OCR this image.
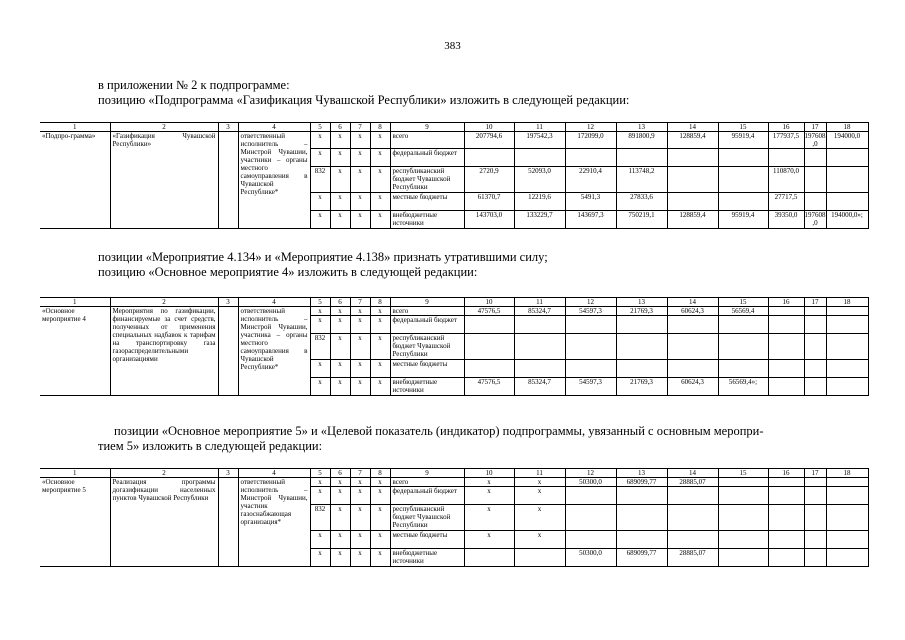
383
в приложении № 2 к подпрограмме:
позицию «Подпрограмма «Газификация Чувашской Республики» изложить в следующей редакции:
позиции «Мероприятие 4.134» и «Мероприятие 4.138» признать утратившими силу;
позицию «Основное мероприятие 4» изложить в следующей редакции:
позиции «Основное мероприятие 5» и «Целевой показатель (индикатор) подпрограммы, увязанный с основным меропри-
тием 5» изложить в следующей редакции:
1	2	3	4	5	6	7	8	9	10	11	12	13	14	15	16	17	18
«Подпро-грамма»	«Газификация Чувашской Республики»		ответственный исполнитель – Минстрой Чувашии, участники – органы местного самоуправления в Чувашской Республике*	x	x	x	x	всего	207794,6	197542,3	172099,0	891800,9	128859,4	95919,4	177937,5	197608,0	194000,0
				x	x	x	x	федеральный бюджет									
				832	x	x	x	республиканский бюджет Чувашской Республики	2720,9	52093,0	22910,4	113748,2			110870,0		
				x	x	x	x	местные бюджеты	61370,7	12219,6	5491,3	27833,6			27717,5		
				x	x	x	x	внебюджетные источники	143703,0	133229,7	143697,3	750219,1	128859,4	95919,4	39350,0	197608,0	194000,0»;
1	2	3	4	5	6	7	8	9	10	11	12	13	14	15	16	17	18
«Основное мероприятие 4	Мероприятия по газификации, финансируемые за счет средств, полученных от применения специальных надбавок к тарифам на транспортировку газа газораспределительными организациями		ответственный исполнитель – Минстрой Чувашии, участника – органы местного самоуправления в Чувашской Республике*	x	x	x	x	всего	47576,5	85324,7	54597,3	21769,3	60624,3	56569,4			
				x	x	x	x	федеральный бюджет									
				832	x	x	x	республиканский бюджет Чувашской Республики									
				x	x	x	x	местные бюджеты									
				x	x	x	x	внебюджетные источники	47576,5	85324,7	54597,3	21769,3	60624,3	56569,4»;			
1	2	3	4	5	6	7	8	9	10	11	12	13	14	15	16	17	18
«Основное мероприятие 5	Реализация программы догазификации населенных пунктов Чувашской Республики		ответственный исполнитель – Минстрой Чувашии, участник газоснабжающая организация*	x	x	x	x	всего	x	x	50300,0	689099,77	28885,07				
				x	x	x	x	федеральный бюджет	x	x							
				832	x	x	x	республиканский бюджет Чувашской Республики	x	x							
				x	x	x	x	местные бюджеты	x	x							
				x	x	x	x	внебюджетные источники			50300,0	689099,77	28885,07				
